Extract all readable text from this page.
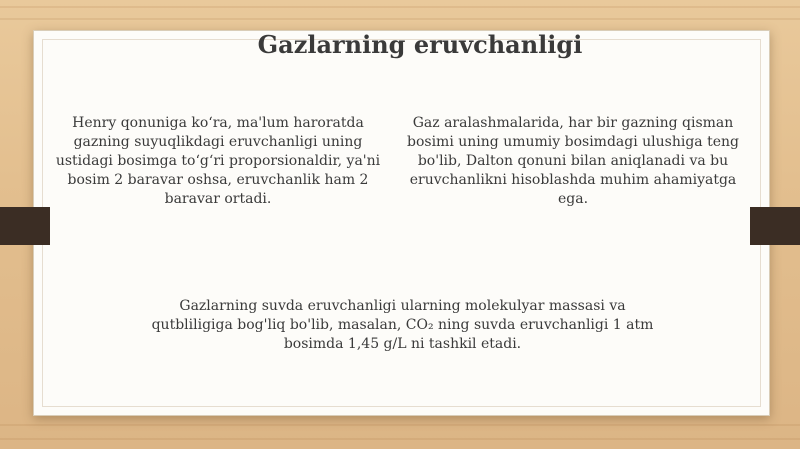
Gazlarning eruvchanligi
Henry qonuniga ko‘ra, ma'lum haroratda gazning suyuqlikdagi eruvchanligi uning ustidagi bosimga to‘g‘ri proporsionaldir, ya'ni bosim 2 baravar oshsa, eruvchanlik ham 2 baravar ortadi.
Gaz aralashmalarida, har bir gazning qisman bosimi uning umumiy bosimdagi ulushiga teng bo'lib, Dalton qonuni bilan aniqlanadi va bu eruvchanlikni hisoblashda muhim ahamiyatga ega.
Gazlarning suvda eruvchanligi ularning molekulyar massasi va qutbliligiga bog'liq bo'lib, masalan, CO₂ ning suvda eruvchanligi 1 atm bosimda 1,45 g/L ni tashkil etadi.
